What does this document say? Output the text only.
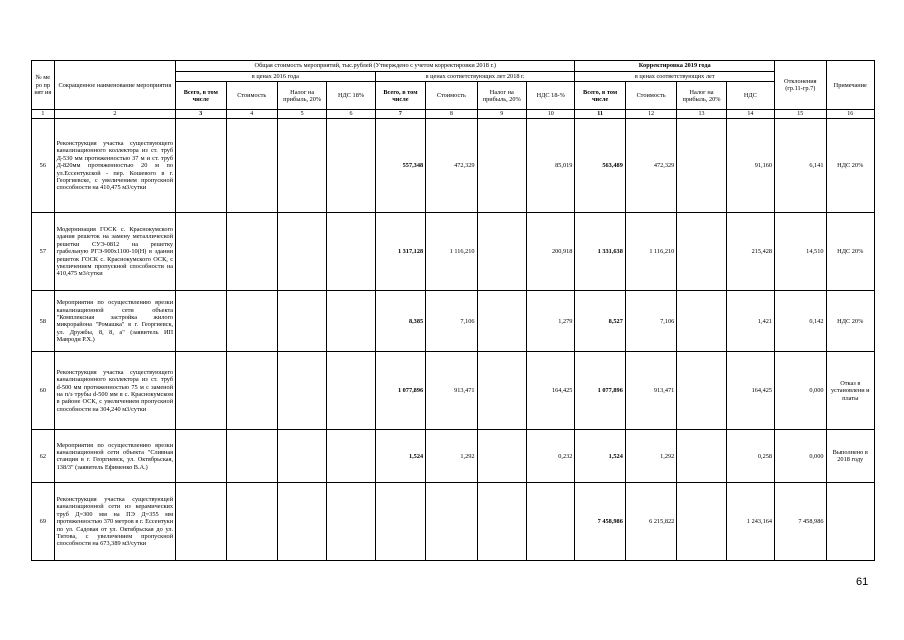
№ ме ро пр ият ия	Сокращенное наименование мероприятия	Общая стоимость мероприятий, тыс.рублей (Утверждено с учетом корректировки 2018 г.)								Корректировка 2019 года				Отклонения (гр.11-гр.7)	Примечание
		в ценах 2016 года				в ценах соответствующих лет 2018 г.				в ценах соответствующих лет					
		Всего, в том числе	Стоимость	Налог на прибыль, 20%	НДС 18%	Всего, в том числе	Стоимость	Налог на прибыль, 20%	НДС 18-%	Всего, в том числе	Стоимость	Налог на прибыль, 20%	НДС		
1	2	3	4	5	6	7	8	9	10	11	12	13	14	15	16
56	Реконструкция участка существующего канализационного коллектора из ст. труб Д-530 мм протяженностью 37 м и ст. труб Д-820мм протяженностью 20 м по ул.Ессентукской - пер. Кошевого в г. Георгиевске, с увеличением пропускной способности на 410,475 м3/сутки					557,348	472,329		85,019	563,489	472,329		91,160	6,141	НДС 20%
57	Модернизация ГОСК с. Краснокумского здания решеток на замену металлической решетки СУЭ-0812 на решетку грабельную РГЭ-900х1100-10(Н) в здании решеток ГОСК с. Краснокумского ОСК, с увеличением пропускной способности на 410,475 м3/сутки					1 317,128	1 116,210		200,918	1 331,638	1 116,210		215,428	14,510	НДС 20%
58	Мероприятия по осуществлению врезки канализационной сети объекта "Комплексная застройка жилого микрорайона "Ромашка" в г. Георгиевск, ул. Дружбы, 8, 8, а" (заявитель ИП Мавроди Р.Х.)					8,385	7,106		1,279	8,527	7,106		1,421	0,142	НДС 20%
60	Реконструкция участка существующего канализационного коллектора из ст. труб d-500 мм протяженностью 75 м с заменой на п/э трубы d-500 мм в с. Краснокумском в районе ОСК, с увеличением пропускной способности на 304,240 м3/сутки					1 077,896	913,471		164,425	1 077,896	913,471		164,425	0,000	Отказ в установлени и платы
62	Мероприятия по осуществлению врезки канализационной сети объекта "Сливная станция в г. Георгиевск, ул. Октябрьская, 138/3" (заявитель Ефименко В.А.)					1,524	1,292		0,232	1,524	1,292		0,258	0,000	Выполнено в 2018 году
69	Реконструкция участка существующей канализационной сети из керамических труб Д=300 мм на ПЭ Д=355 мм протяженностью 370 метров в г. Ессентуки по ул. Садовая от ул. Октябрьская до ул. Титова, с увеличением пропускной способности на 673,389 м3/сутки									7 458,986	6 215,822		1 243,164	7 458,986	
61
